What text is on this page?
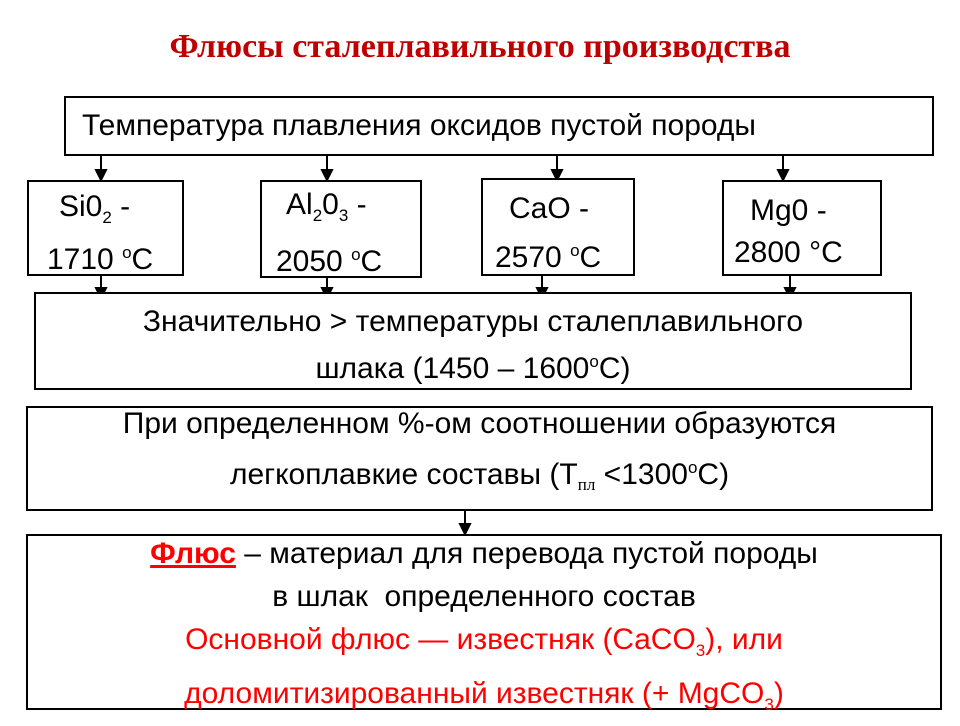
Флюсы сталеплавильного производства
Температура плавления оксидов пустой породы
$Si0_2$ -
1710 $^o$C
$Al_20_3$ -
2050 $^o$C
CaO -
2570 $^o$C
Mg0 -
2800 °C
Значительно > температуры сталеплавильного
шлака (1450 – 1600$^o$C)
При определенном %-ом соотношении образуются
легкоплавкие составы $(Т_{пл} <1300^oC)$
Флюс – материал для перевода пустой породы
в шлак  определенного состав
Основной флюс — известняк (CaCO$_3$), или
доломитизированный известняк (+ MgCO$_3$)
